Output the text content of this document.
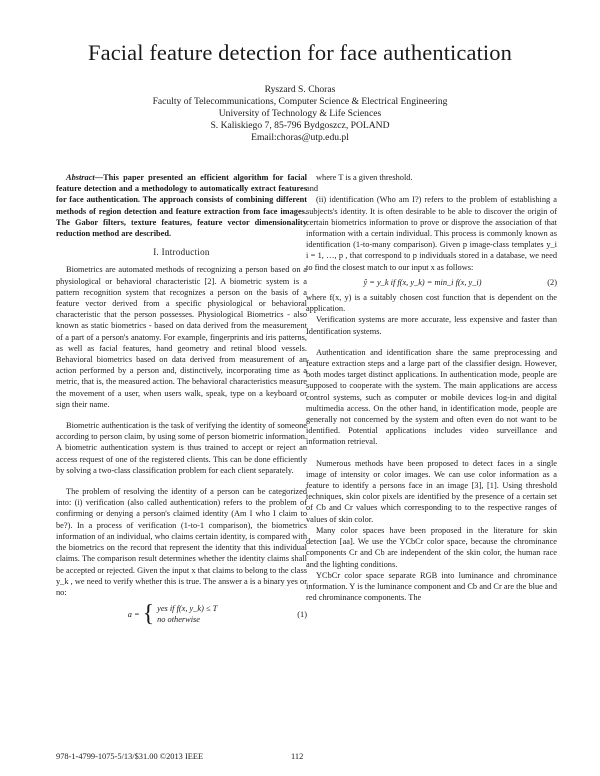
Facial feature detection for face authentication
Ryszard S. Choras
Faculty of Telecommunications, Computer Science & Electrical Engineering
University of Technology & Life Sciences
S. Kaliskiego 7, 85-796 Bydgoszcz, POLAND
Email:choras@utp.edu.pl

Abstract—This paper presented an efficient algorithm for facial feature detection and a methodology to automatically extract features for face authentication. The approach consists of combining different methods of region detection and feature extraction from face images. The Gabor filters, texture features, feature vector dimensionality reduction method are described.

I. Introduction

Biometrics are automated methods of recognizing a person based on a physiological or behavioral characteristic [2]. A biometric system is a pattern recognition system that recognizes a person on the basis of a feature vector derived from a specific physiological or behavioral characteristic that the person possesses. Physiological Biometrics - also known as static biometrics - based on data derived from the measurement of a part of a person's anatomy. For example, fingerprints and iris patterns, as well as facial features, hand geometry and retinal blood vessels. Behavioral biometrics based on data derived from measurement of an action performed by a person and, distinctively, incorporating time as a metric, that is, the measured action. The behavioral characteristics measure the movement of a user, when users walk, speak, type on a keyboard or sign their name.

Biometric authentication is the task of verifying the identity of someone according to person claim, by using some of person biometric information. A biometric authentication system is thus trained to accept or reject an access request of one of the registered clients. This can be done efficiently by solving a two-class classification problem for each client separately.

The problem of resolving the identity of a person can be categorized into: (i) verification (also called authentication) refers to the problem of confirming or denying a person's claimed identity (Am I who I claim to be?). In a process of verification (1-to-1 comparison), the biometrics information of an individual, who claims certain identity, is compared with the biometrics on the record that represent the identity that this individual claims. The comparison result determines whether the identity claims shall be accepted or rejected. Given the input x that claims to belong to the class y_k , we need to verify whether this is true. The answer a is a binary yes or no:

a = { yes if f(x, y_k) ≤ T
no otherwise
(1)

where T is a given threshold.

and

(ii) identification (Who am I?) refers to the problem of establishing a subjects's identity. It is often desirable to be able to discover the origin of certain biometrics information to prove or disprove the association of that information with a certain individual. This process is commonly known as identification (1-to-many comparison). Given p image-class templates y_i i = 1, …, p , that correspond to p individuals stored in a database, we need to find the closest match to our input x as follows:

ŷ = y_k if f(x, y_k) = min_i f(x, y_i)	(2)

where f(x, y) is a suitably chosen cost function that is dependent on the application.

Verification systems are more accurate, less expensive and faster than Identification systems.

Authentication and identification share the same preprocessing and feature extraction steps and a large part of the classifier design. However, both modes target distinct applications. In authentication mode, people are supposed to cooperate with the system. The main applications are access control systems, such as computer or mobile devices log-in and digital multimedia access. On the other hand, in identification mode, people are generally not concerned by the system and often even do not want to be identified. Potential applications includes video surveillance and information retrieval.

Numerous methods have been proposed to detect faces in a single image of intensity or color images. We can use color information as a feature to identify a persons face in an image [3], [1]. Using threshold techniques, skin color pixels are identified by the presence of a certain set of Cb and Cr values which corresponding to to the respective ranges of values of skin color.

Many color spaces have been proposed in the literature for skin detection [aa]. We use the YCbCr color space, because the chrominance components Cr and Cb are independent of the skin color, the human race and the lighting conditions.

YCbCr color space separate RGB into luminance and chrominance information. Y is the luminance component and Cb and Cr are the blue and red chrominance components. The

978-1-4799-1075-5/13/$31.00 ©2013 IEEE	112
